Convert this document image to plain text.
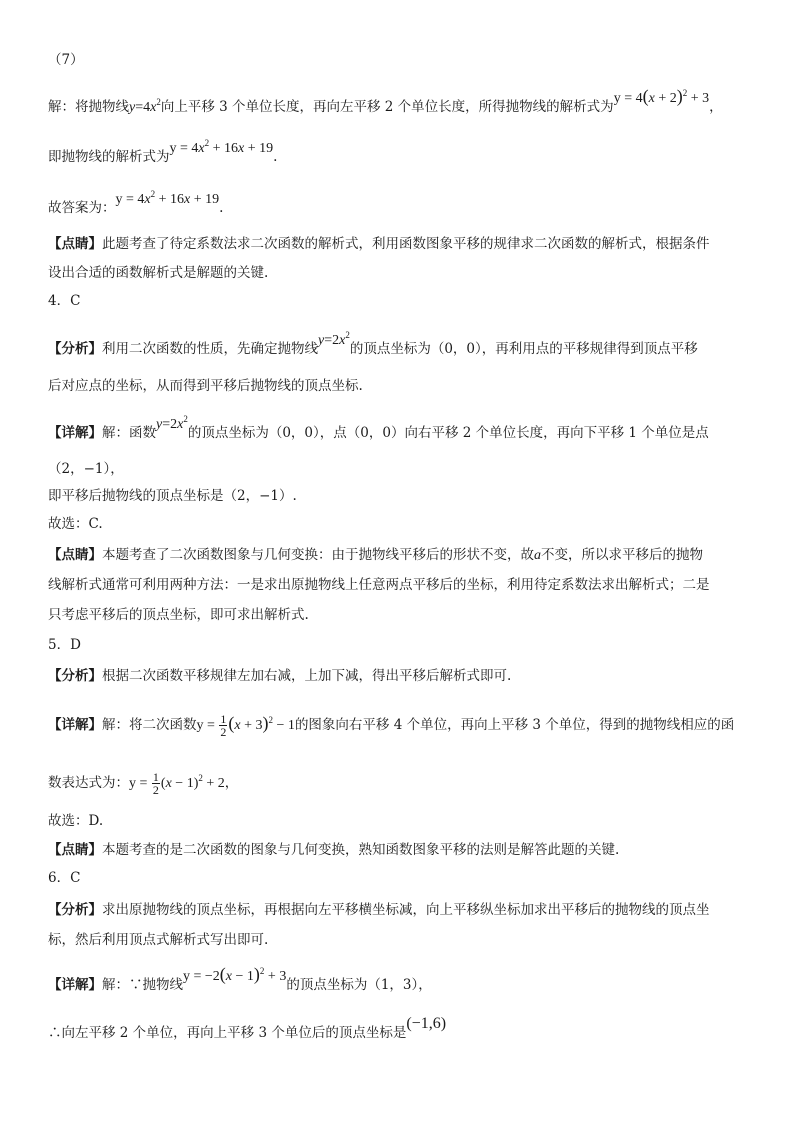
（7）
解：将抛物线$y=4x^2$向上平移 3 个单位长度，再向左平移 2 个单位长度，所得抛物线的解析式为$y = 4(x + 2)^2 + 3$，
即抛物线的解析式为$y = 4x^2 + 16x + 19$.
故答案为：$y = 4x^2 + 16x + 19$.
【点睛】此题考查了待定系数法求二次函数的解析式，利用函数图象平移的规律求二次函数的解析式，根据条件
设出合适的函数解析式是解题的关键.
4．C
【分析】利用二次函数的性质，先确定抛物线$y=2x^2$的顶点坐标为（0，0），再利用点的平移规律得到顶点平移
后对应点的坐标，从而得到平移后抛物线的顶点坐标.
【详解】解：函数$y=2x^2$的顶点坐标为（0，0），点（0，0）向右平移 2 个单位长度，再向下平移 1 个单位是点
（2，−1），
即平移后抛物线的顶点坐标是（2，−1）.
故选：C.
【点睛】本题考查了二次函数图象与几何变换：由于抛物线平移后的形状不变，故a不变，所以求平移后的抛物
线解析式通常可利用两种方法：一是求出原抛物线上任意两点平移后的坐标，利用待定系数法求出解析式；二是
只考虑平移后的顶点坐标，即可求出解析式.
5．D
【分析】根据二次函数平移规律左加右减，上加下减，得出平移后解析式即可.
【详解】解：将二次函数$y = \frac{1}{2} (x + 3)^2 - 1$的图象向右平移 4 个单位，再向上平移 3 个单位，得到的抛物线相应的函
数表达式为：$y = \frac{1}{2} (x - 1)^2 + 2$，
故选：D.
【点睛】本题考查的是二次函数的图象与几何变换，熟知函数图象平移的法则是解答此题的关键.
6．C
【分析】求出原抛物线的顶点坐标，再根据向左平移横坐标减，向上平移纵坐标加求出平移后的抛物线的顶点坐
标，然后利用顶点式解析式写出即可.
【详解】解：∵抛物线$y = -2(x - 1)^2 + 3$的顶点坐标为（1，3），
∴向左平移 2 个单位，再向上平移 3 个单位后的顶点坐标是(−1,6)
